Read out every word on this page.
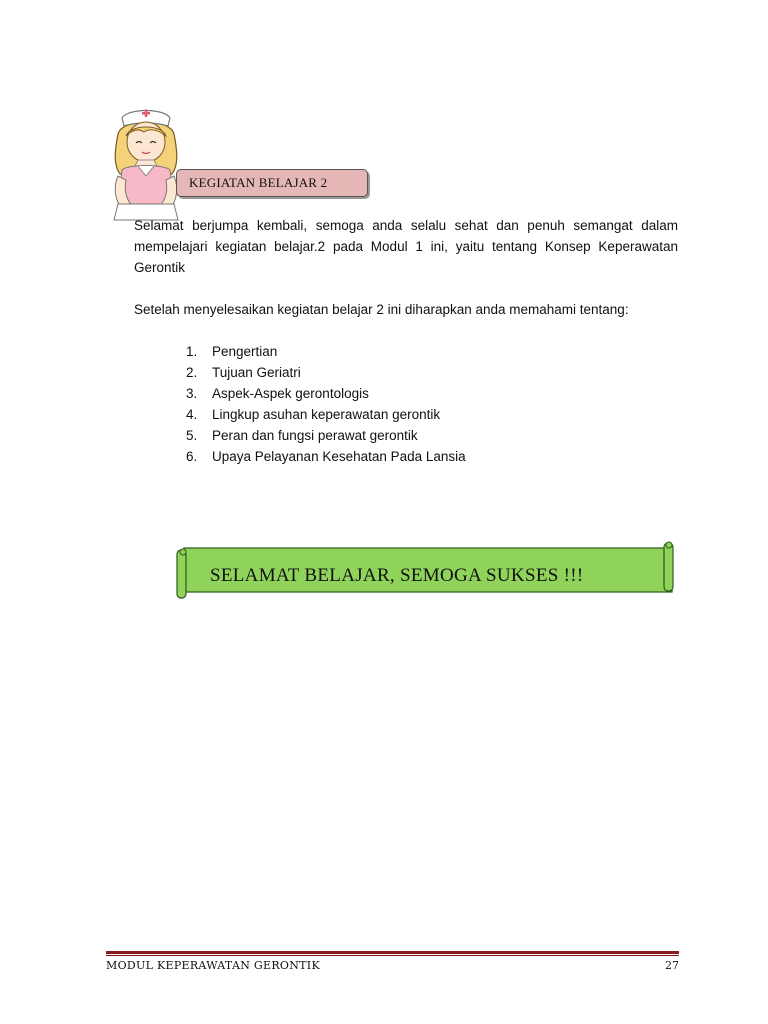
KEGIATAN BELAJAR 2

Selamat berjumpa kembali, semoga anda selalu sehat dan penuh semangat dalam mempelajari kegiatan belajar.2 pada Modul 1 ini, yaitu tentang Konsep Keperawatan Gerontik

Setelah menyelesaikan kegiatan belajar 2 ini diharapkan anda memahami tentang:

1. Pengertian
2. Tujuan Geriatri
3. Aspek-Aspek gerontologis
4. Lingkup asuhan keperawatan gerontik
5. Peran dan fungsi perawat gerontik
6. Upaya Pelayanan Kesehatan Pada Lansia
SELAMAT BELAJAR, SEMOGA SUKSES !!!
MODUL KEPERAWATAN GERONTIK	27
